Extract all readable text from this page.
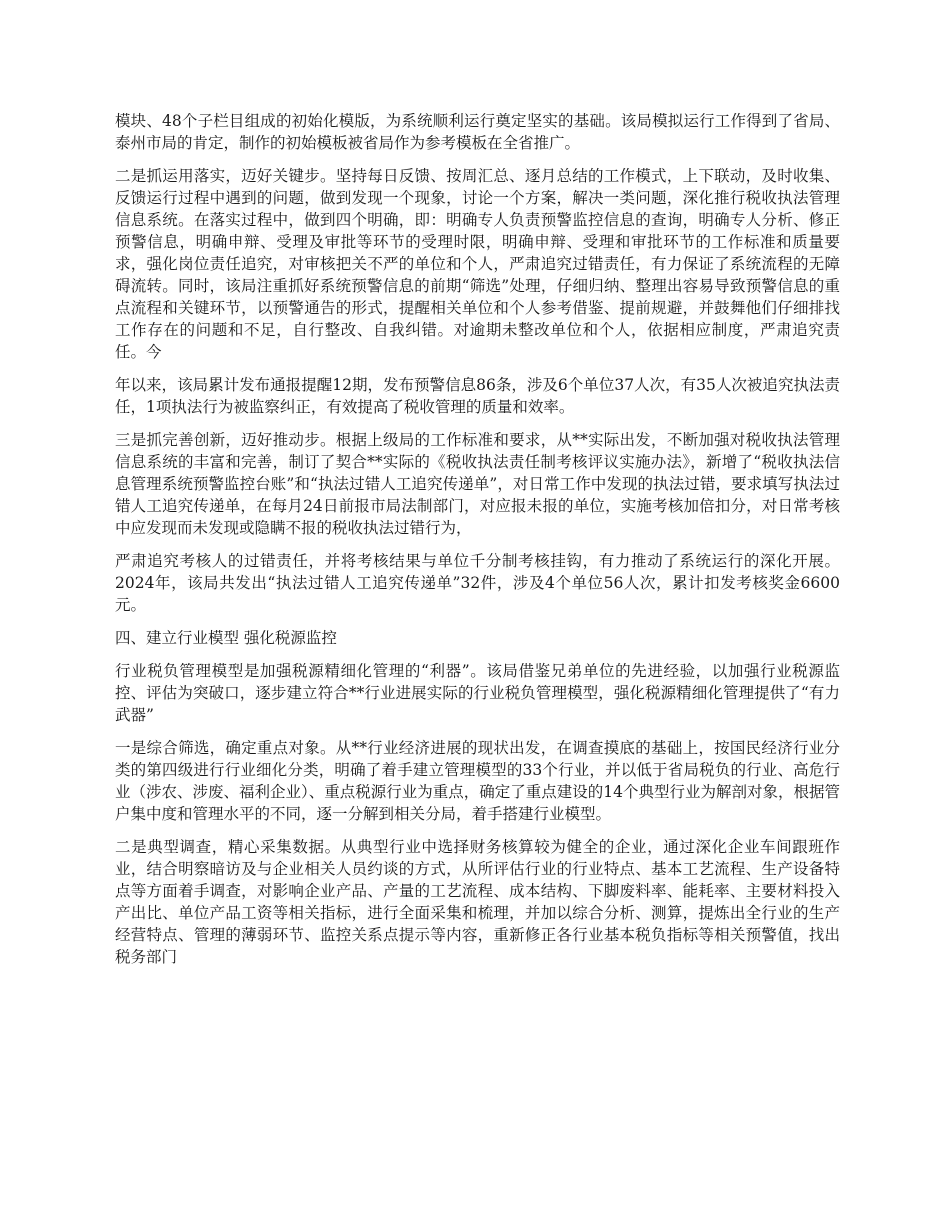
模块、48个子栏目组成的初始化模版，为系统顺利运行奠定坚实的基础。该局模拟运行工作得到了省局、泰州市局的肯定，制作的初始模板被省局作为参考模板在全省推广。

二是抓运用落实，迈好关键步。坚持每日反馈、按周汇总、逐月总结的工作模式，上下联动，及时收集、反馈运行过程中遇到的问题，做到发现一个现象，讨论一个方案，解决一类问题，深化推行税收执法管理信息系统。在落实过程中，做到四个明确，即：明确专人负责预警监控信息的查询，明确专人分析、修正预警信息，明确申辩、受理及审批等环节的受理时限，明确申辩、受理和审批环节的工作标准和质量要求，强化岗位责任追究，对审核把关不严的单位和个人，严肃追究过错责任，有力保证了系统流程的无障碍流转。同时，该局注重抓好系统预警信息的前期“筛选”处理，仔细归纳、整理出容易导致预警信息的重点流程和关键环节，以预警通告的形式，提醒相关单位和个人参考借鉴、提前规避，并鼓舞他们仔细排找工作存在的问题和不足，自行整改、自我纠错。对逾期未整改单位和个人，依据相应制度，严肃追究责任。今

年以来，该局累计发布通报提醒12期，发布预警信息86条，涉及6个单位37人次，有35人次被追究执法责任，1项执法行为被监察纠正，有效提高了税收管理的质量和效率。

三是抓完善创新，迈好推动步。根据上级局的工作标准和要求，从**实际出发，不断加强对税收执法管理信息系统的丰富和完善，制订了契合**实际的《税收执法责任制考核评议实施办法》，新增了“税收执法信息管理系统预警监控台账”和“执法过错人工追究传递单”，对日常工作中发现的执法过错，要求填写执法过错人工追究传递单，在每月24日前报市局法制部门，对应报未报的单位，实施考核加倍扣分，对日常考核中应发现而未发现或隐瞒不报的税收执法过错行为，

严肃追究考核人的过错责任，并将考核结果与单位千分制考核挂钩，有力推动了系统运行的深化开展。2024年，该局共发出“执法过错人工追究传递单”32件，涉及4个单位56人次，累计扣发考核奖金6600元。

四、建立行业模型 强化税源监控

行业税负管理模型是加强税源精细化管理的“利器”。该局借鉴兄弟单位的先进经验，以加强行业税源监控、评估为突破口，逐步建立符合**行业进展实际的行业税负管理模型，强化税源精细化管理提供了“有力武器”

一是综合筛选，确定重点对象。从**行业经济进展的现状出发，在调查摸底的基础上，按国民经济行业分类的第四级进行行业细化分类，明确了着手建立管理模型的33个行业，并以低于省局税负的行业、高危行业（涉农、涉废、福利企业）、重点税源行业为重点，确定了重点建设的14个典型行业为解剖对象，根据管户集中度和管理水平的不同，逐一分解到相关分局，着手搭建行业模型。

二是典型调查，精心采集数据。从典型行业中选择财务核算较为健全的企业，通过深化企业车间跟班作业，结合明察暗访及与企业相关人员约谈的方式，从所评估行业的行业特点、基本工艺流程、生产设备特点等方面着手调查，对影响企业产品、产量的工艺流程、成本结构、下脚废料率、能耗率、主要材料投入产出比、单位产品工资等相关指标，进行全面采集和梳理，并加以综合分析、测算，提炼出全行业的生产经营特点、管理的薄弱环节、监控关系点提示等内容，重新修正各行业基本税负指标等相关预警值，找出税务部门
